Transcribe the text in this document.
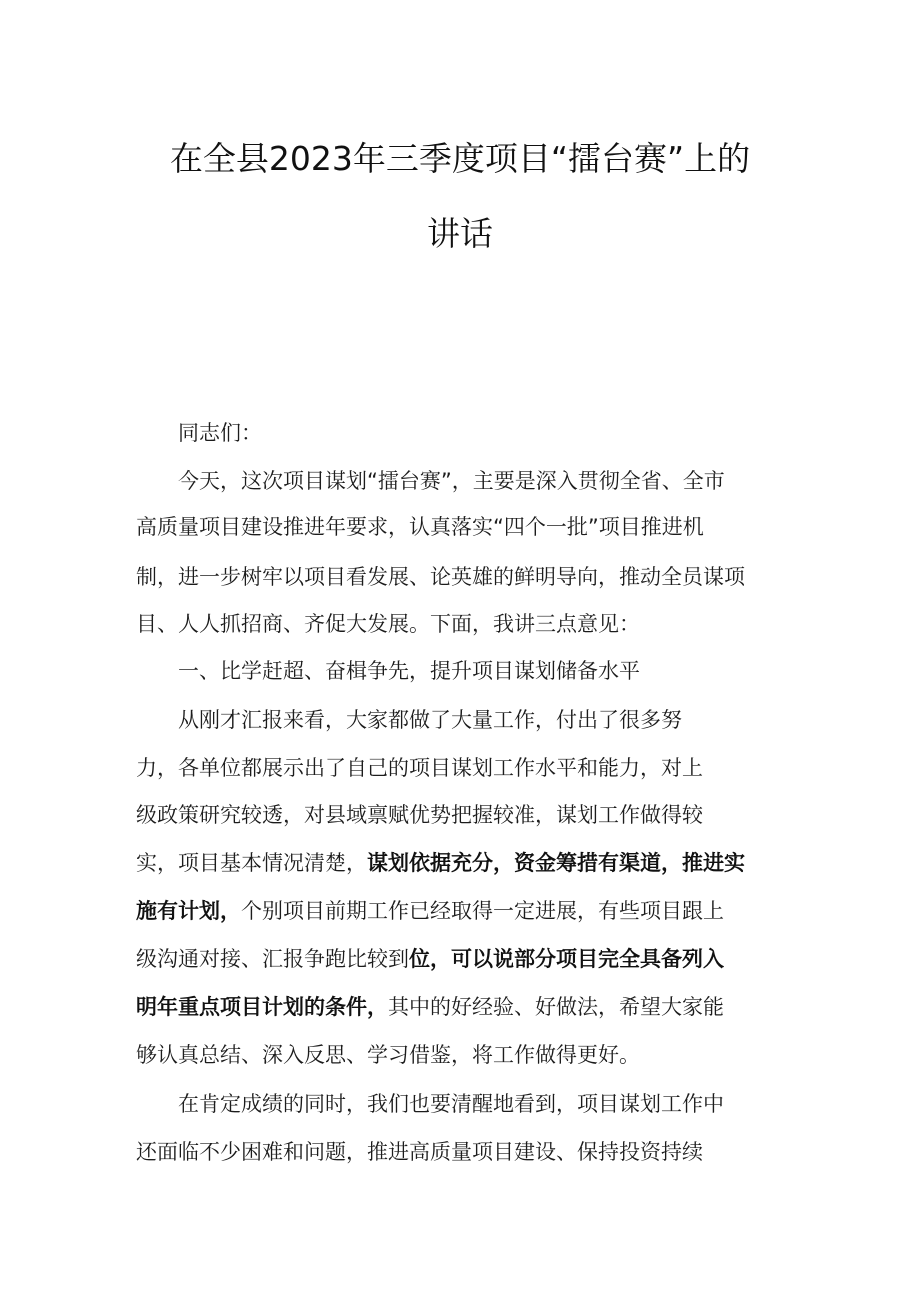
在全县2023年三季度项目“擂台赛”上的
讲话
同志们：
今天，这次项目谋划“擂台赛”，主要是深入贯彻全省、全市
高质量项目建设推进年要求，认真落实“四个一批”项目推进机
制，进一步树牢以项目看发展、论英雄的鲜明导向，推动全员谋项
目、人人抓招商、齐促大发展。下面，我讲三点意见：
一、比学赶超、奋楫争先，提升项目谋划储备水平
从刚才汇报来看，大家都做了大量工作，付出了很多努
力，各单位都展示出了自己的项目谋划工作水平和能力，对上
级政策研究较透，对县域禀赋优势把握较准，谋划工作做得较
实，项目基本情况清楚，谋划依据充分，资金筹措有渠道，推进实
施有计划，个别项目前期工作已经取得一定进展，有些项目跟上
级沟通对接、汇报争跑比较到位，可以说部分项目完全具备列入
明年重点项目计划的条件，其中的好经验、好做法，希望大家能
够认真总结、深入反思、学习借鉴，将工作做得更好。
在肯定成绩的同时，我们也要清醒地看到，项目谋划工作中
还面临不少困难和问题，推进高质量项目建设、保持投资持续
